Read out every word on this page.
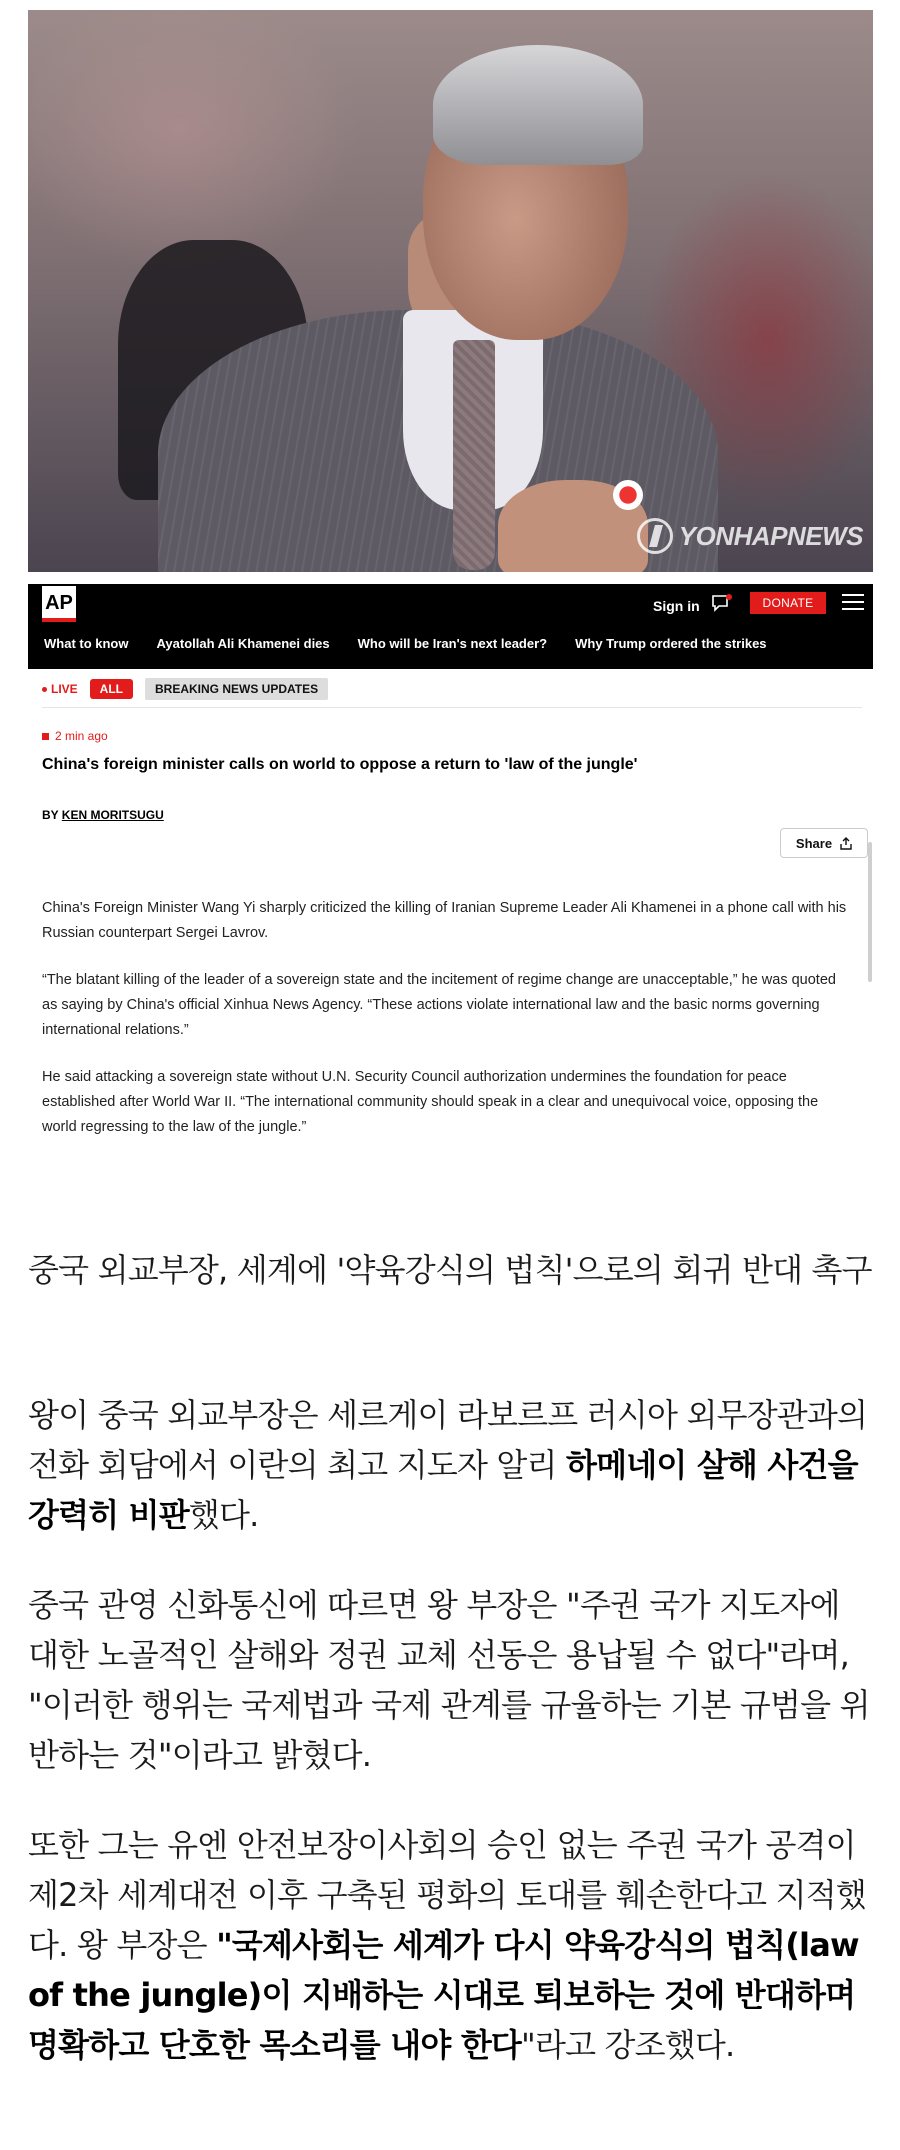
YONHAPNEWS
AP	Sign in	DONATE
What to know Ayatollah Ali Khamenei dies Who will be Iran's next leader? Why Trump ordered the strikes
LIVE	ALL	BREAKING NEWS UPDATES
2 min ago
China's foreign minister calls on world to oppose a return to 'law of the jungle'
BY KEN MORITSUGU
Share

China's Foreign Minister Wang Yi sharply criticized the killing of Iranian Supreme Leader Ali Khamenei in a phone call with his Russian counterpart Sergei Lavrov.

“The blatant killing of the leader of a sovereign state and the incitement of regime change are unacceptable,” he was quoted as saying by China's official Xinhua News Agency. “These actions violate international law and the basic norms governing international relations.”

He said attacking a sovereign state without U.N. Security Council authorization undermines the foundation for peace established after World War II. “The international community should speak in a clear and unequivocal voice, opposing the world regressing to the law of the jungle.”

중국 외교부장, 세계에 '약육강식의 법칙'으로의 회귀 반대 촉구
왕이 중국 외교부장은 세르게이 라보르프 러시아 외무장관과의 전화 회담에서 이란의 최고 지도자 알리 하메네이 살해 사건을 강력히 비판했다.
중국 관영 신화통신에 따르면 왕 부장은 "주권 국가 지도자에 대한 노골적인 살해와 정권 교체 선동은 용납될 수 없다"라며, "이러한 행위는 국제법과 국제 관계를 규율하는 기본 규범을 위반하는 것"이라고 밝혔다.
또한 그는 유엔 안전보장이사회의 승인 없는 주권 국가 공격이 제2차 세계대전 이후 구축된 평화의 토대를 훼손한다고 지적했다. 왕 부장은 "국제사회는 세계가 다시 약육강식의 법칙(law of the jungle)이 지배하는 시대로 퇴보하는 것에 반대하며 명확하고 단호한 목소리를 내야 한다"라고 강조했다.
